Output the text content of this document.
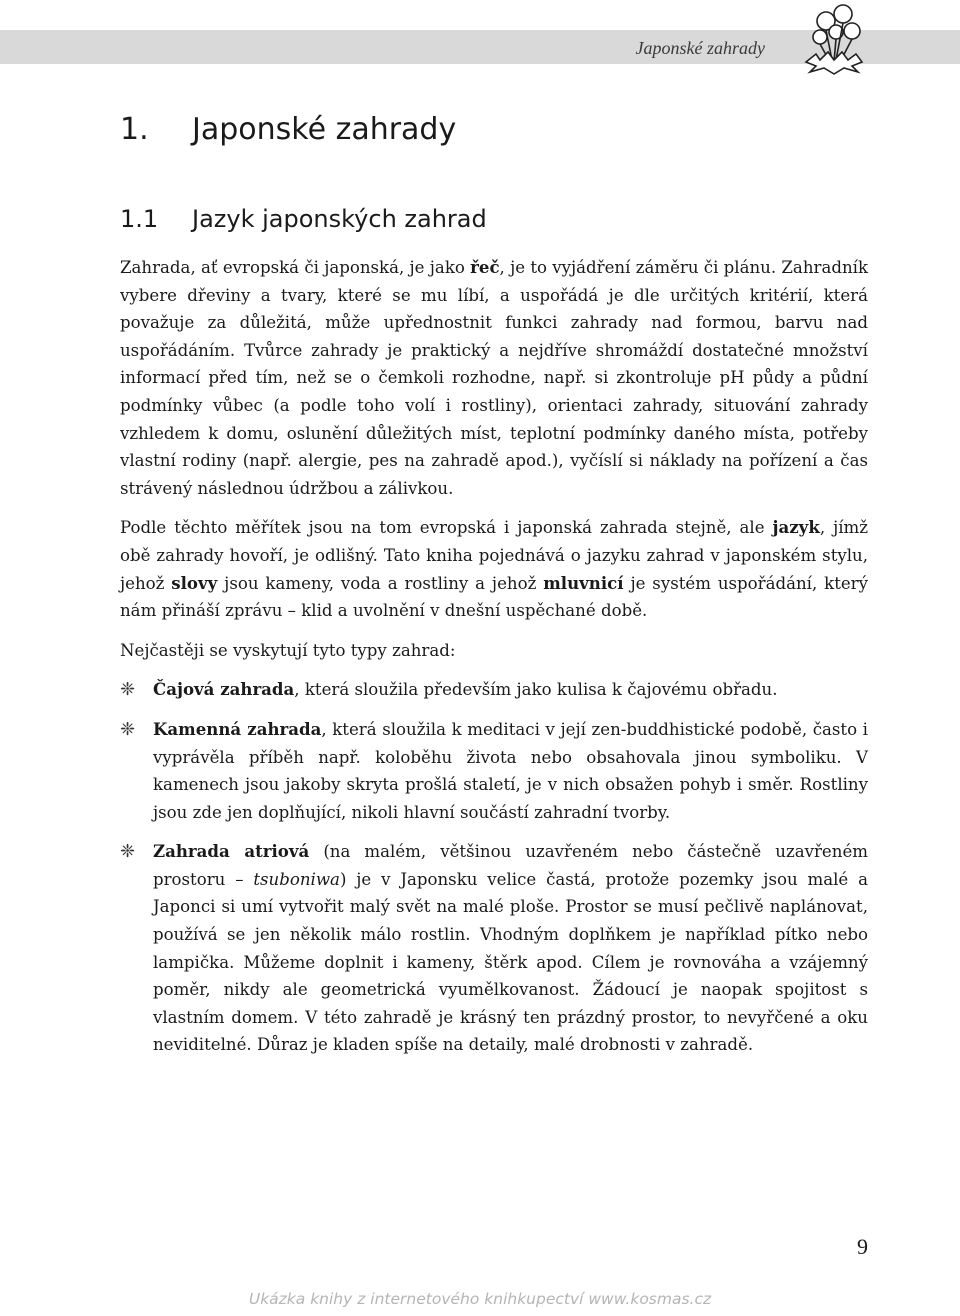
Japonské zahrady
1.	Japonské zahrady
1.1	Jazyk japonských zahrad

Zahrada, ať evropská či japonská, je jako řeč, je to vyjádření záměru či plánu. Zahradník vybere dřeviny a tvary, které se mu líbí, a uspořádá je dle určitých kritérií, která považuje za důležitá, může upřednostnit funkci zahrady nad formou, barvu nad uspořádáním. Tvůrce zahrady je praktický a nejdříve shromáždí dostatečné množství informací před tím, než se o čemkoli rozhodne, např. si zkontroluje pH půdy a půdní podmínky vůbec (a podle toho volí i rostliny), orientaci zahrady, situování zahrady vzhledem k domu, oslunění důležitých míst, teplotní podmínky daného místa, potřeby vlastní rodiny (např. alergie, pes na zahradě apod.), vyčíslí si náklady na pořízení a čas strávený následnou údržbou a zálivkou.

Podle těchto měřítek jsou na tom evropská i japonská zahrada stejně, ale jazyk, jímž obě zahrady hovoří, je odlišný. Tato kniha pojednává o jazyku zahrad v japonském stylu, jehož slovy jsou kameny, voda a rostliny a jehož mluvnicí je systém uspořádání, který nám přináší zprávu – klid a uvolnění v dnešní uspěchané době.

Nejčastěji se vyskytují tyto typy zahrad:

❈ Čajová zahrada, která sloužila především jako kulisa k čajovému obřadu.
❈ Kamenná zahrada, která sloužila k meditaci v její zen-buddhistické podobě, často i vyprávěla příběh např. koloběhu života nebo obsahovala jinou symboliku. V kamenech jsou jakoby skryta prošlá staletí, je v nich obsažen pohyb i směr. Rostliny jsou zde jen doplňující, nikoli hlavní součástí zahradní tvorby.
❈ Zahrada atriová (na malém, většinou uzavřeném nebo částečně uzavřeném prostoru – tsuboniwa) je v Japonsku velice častá, protože pozemky jsou malé a Japonci si umí vytvořit malý svět na malé ploše. Prostor se musí pečlivě naplánovat, používá se jen několik málo rostlin. Vhodným doplňkem je například pítko nebo lampička. Můžeme doplnit i kameny, štěrk apod. Cílem je rovnováha a vzájemný poměr, nikdy ale geometrická vyumělkovanost. Žádoucí je naopak spojitost s vlastním domem. V této zahradě je krásný ten prázdný prostor, to nevyřčené a oku neviditelné. Důraz je kladen spíše na detaily, malé drobnosti v zahradě.
9
Ukázka knihy z internetového knihkupectví www.kosmas.cz
